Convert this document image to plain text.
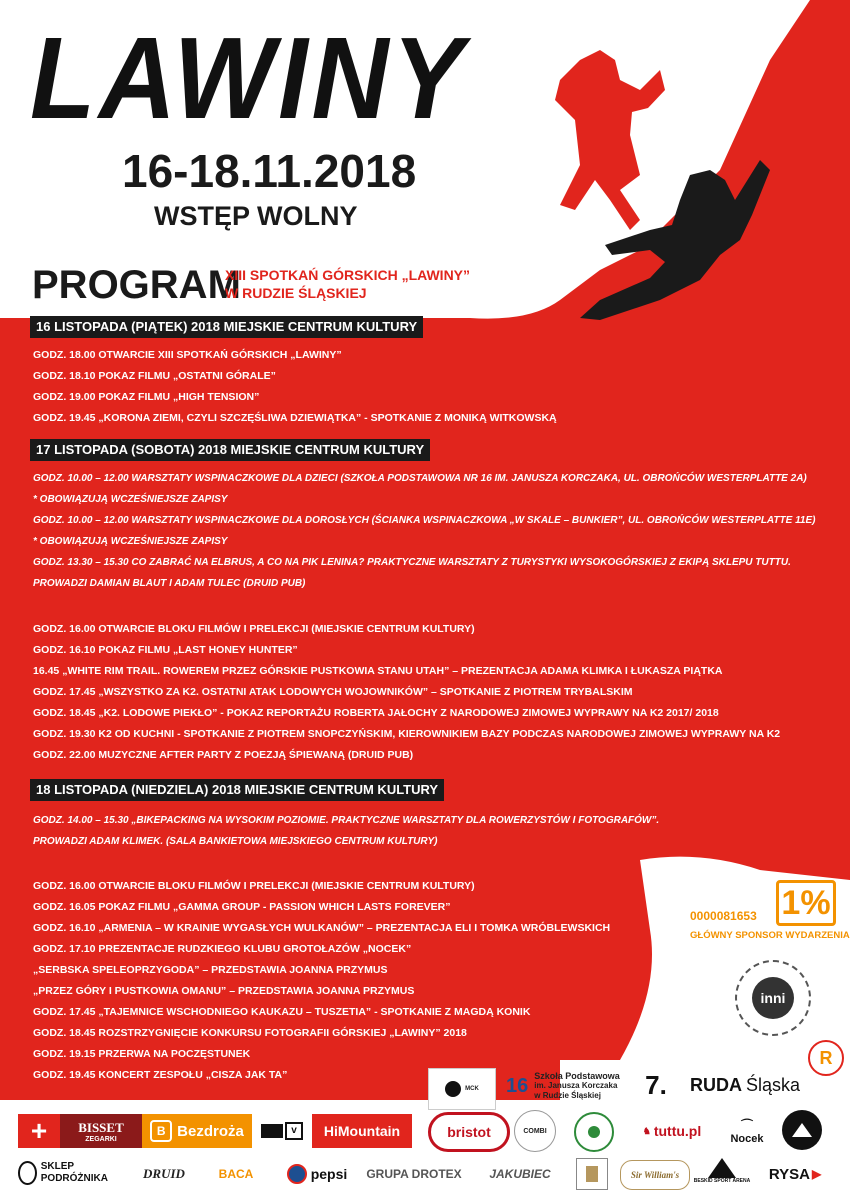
LAWINY
16-18.11.2018
WSTĘP WOLNY
PROGRAM
XIII SPOTKAŃ GÓRSKICH „LAWINY”
W RUDZIE ŚLĄSKIEJ
16 LISTOPADA (PIĄTEK) 2018 MIEJSKIE CENTRUM KULTURY
GODZ. 18.00 OTWARCIE XIII SPOTKAŃ GÓRSKICH „LAWINY”
GODZ. 18.10 POKAZ FILMU „OSTATNI GÓRALE”
GODZ. 19.00 POKAZ FILMU „HIGH TENSION”
GODZ. 19.45 „KORONA ZIEMI, CZYLI SZCZĘŚLIWA DZIEWIĄTKA” - SPOTKANIE Z MONIKĄ WITKOWSKĄ
17 LISTOPADA (SOBOTA) 2018 MIEJSKIE CENTRUM KULTURY
GODZ. 10.00 – 12.00 WARSZTATY WSPINACZKOWE DLA DZIECI (SZKOŁA PODSTAWOWA NR 16 IM. JANUSZA KORCZAKA, UL. OBROŃCÓW WESTERPLATTE 2A)
* OBOWIĄZUJĄ WCZEŚNIEJSZE ZAPISY
GODZ. 10.00 – 12.00 WARSZTATY WSPINACZKOWE DLA DOROSŁYCH (ŚCIANKA WSPINACZKOWA „W SKALE – BUNKIER”, UL. OBROŃCÓW WESTERPLATTE 11E)
* OBOWIĄZUJĄ WCZEŚNIEJSZE ZAPISY
GODZ. 13.30 – 15.30 CO ZABRAĆ NA ELBRUS, A CO NA PIK LENINA? PRAKTYCZNE WARSZTATY Z TURYSTYKI WYSOKOGÓRSKIEJ Z EKIPĄ SKLEPU TUTTU.
PROWADZI DAMIAN BLAUT I ADAM TULEC (DRUID PUB)
GODZ. 16.00 OTWARCIE BLOKU FILMÓW I PRELEKCJI (MIEJSKIE CENTRUM KULTURY)
GODZ. 16.10 POKAZ FILMU „LAST HONEY HUNTER”
16.45 „WHITE RIM TRAIL. ROWEREM PRZEZ GÓRSKIE PUSTKOWIA STANU UTAH” – PREZENTACJA ADAMA KLIMKA I ŁUKASZA PIĄTKA
GODZ. 17.45 „WSZYSTKO ZA K2. OSTATNI ATAK LODOWYCH WOJOWNIKÓW” – SPOTKANIE Z PIOTREM TRYBALSKIM
GODZ. 18.45 „K2. LODOWE PIEKŁO” - POKAZ REPORTAŻU ROBERTA JAŁOCHY Z NARODOWEJ ZIMOWEJ WYPRAWY NA K2 2017/ 2018
GODZ. 19.30 K2 OD KUCHNI - SPOTKANIE Z PIOTREM SNOPCZYŃSKIM, KIEROWNIKIEM BAZY PODCZAS NARODOWEJ ZIMOWEJ WYPRAWY NA K2
GODZ. 22.00 MUZYCZNE AFTER PARTY Z POEZJĄ ŚPIEWANĄ (DRUID PUB)
18 LISTOPADA (NIEDZIELA) 2018 MIEJSKIE CENTRUM KULTURY
GODZ. 14.00 – 15.30 „BIKEPACKING NA WYSOKIM POZIOMIE. PRAKTYCZNE WARSZTATY DLA ROWERZYSTÓW I FOTOGRAFÓW”.
PROWADZI ADAM KLIMEK. (SALA BANKIETOWA MIEJSKIEGO CENTRUM KULTURY)
GODZ. 16.00 OTWARCIE BLOKU FILMÓW I PRELEKCJI (MIEJSKIE CENTRUM KULTURY)
GODZ. 16.05 POKAZ FILMU „GAMMA GROUP - PASSION WHICH LASTS FOREVER”
GODZ. 16.10 „ARMENIA – W KRAINIE WYGASŁYCH WULKANÓW” – PREZENTACJA ELI I TOMKA WRÓBLEWSKICH
GODZ. 17.10 PREZENTACJE RUDZKIEGO KLUBU GROTOŁAZÓW „NOCEK”
„SERBSKA SPELEOPRZYGODA” – PRZEDSTAWIA JOANNA PRZYMUS
„PRZEZ GÓRY I PUSTKOWIA OMANU” – PRZEDSTAWIA JOANNA PRZYMUS
GODZ. 17.45 „TAJEMNICE WSCHODNIEGO KAUKAZU – TUSZETIA” - SPOTKANIE Z MAGDĄ KONIK
GODZ. 18.45 ROZSTRZYGNIĘCIE KONKURSU FOTOGRAFII GÓRSKIEJ „LAWINY” 2018
GODZ. 19.15 PRZERWA NA POCZĘSTUNEK
GODZ. 19.45 KONCERT ZESPOŁU „CISZA JAK TA”
1%
0000081653
GŁÓWNY SPONSOR WYDARZENIA
inni
R
MCK 16 Szkoła Podstawowa
im. Janusza Korczaka
w Rudzie Śląskiej	7. RUDA Śląska
+ BISSET
ZEGARKI
B Bezdroża	v	HiMountain	bristot	COMBI	♞ tuttu.pl	⌒
Nocek
SKLEP
PODRÓŻNIKA	DRUID	BACA	pepsi GRUPA DROTEX JAKUBIEC	Sir William's
BESKID SPORT ARENA RYSA ▶
